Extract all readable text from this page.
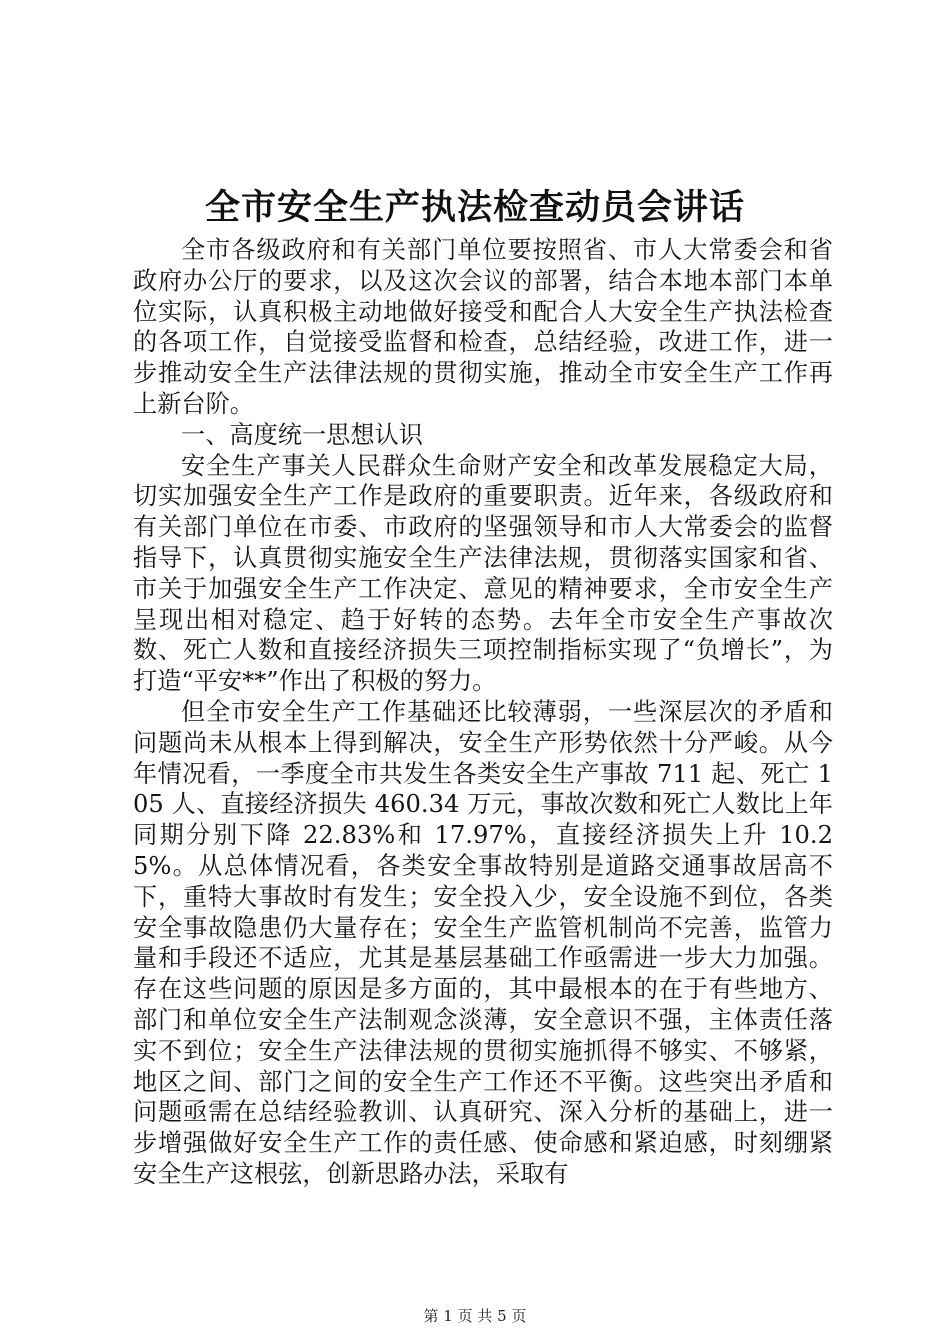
全市安全生产执法检查动员会讲话

全市各级政府和有关部门单位要按照省、市人大常委会和省政府办公厅的要求，以及这次会议的部署，结合本地本部门本单位实际，认真积极主动地做好接受和配合人大安全生产执法检查的各项工作，自觉接受监督和检查，总结经验，改进工作，进一步推动安全生产法律法规的贯彻实施，推动全市安全生产工作再上新台阶。

一、高度统一思想认识

安全生产事关人民群众生命财产安全和改革发展稳定大局，切实加强安全生产工作是政府的重要职责。近年来，各级政府和有关部门单位在市委、市政府的坚强领导和市人大常委会的监督指导下，认真贯彻实施安全生产法律法规，贯彻落实国家和省、市关于加强安全生产工作决定、意见的精神要求，全市安全生产呈现出相对稳定、趋于好转的态势。去年全市安全生产事故次数、死亡人数和直接经济损失三项控制指标实现了“负增长”，为打造“平安**”作出了积极的努力。

但全市安全生产工作基础还比较薄弱，一些深层次的矛盾和问题尚未从根本上得到解决，安全生产形势依然十分严峻。从今年情况看，一季度全市共发生各类安全生产事故 711 起、死亡 105 人、直接经济损失 460.34 万元，事故次数和死亡人数比上年同期分别下降 22.83%和 17.97%，直接经济损失上升 10.25%。从总体情况看，各类安全事故特别是道路交通事故居高不下，重特大事故时有发生；安全投入少，安全设施不到位，各类安全事故隐患仍大量存在；安全生产监管机制尚不完善，监管力量和手段还不适应，尤其是基层基础工作亟需进一步大力加强。存在这些问题的原因是多方面的，其中最根本的在于有些地方、部门和单位安全生产法制观念淡薄，安全意识不强，主体责任落实不到位；安全生产法律法规的贯彻实施抓得不够实、不够紧，地区之间、部门之间的安全生产工作还不平衡。这些突出矛盾和问题亟需在总结经验教训、认真研究、深入分析的基础上，进一步增强做好安全生产工作的责任感、使命感和紧迫感，时刻绷紧安全生产这根弦，创新思路办法，采取有

第 1 页 共 5 页
